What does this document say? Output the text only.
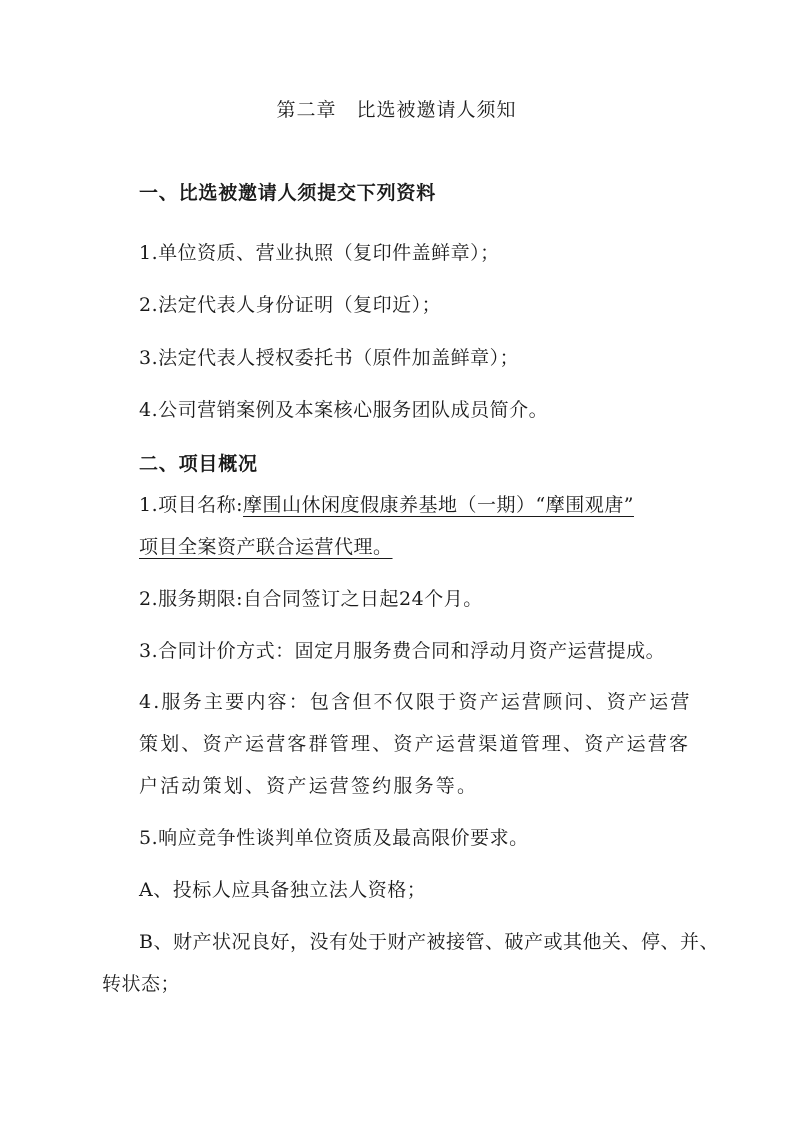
第二章　比选被邀请人须知
一、比选被邀请人须提交下列资料
1.单位资质、营业执照（复印件盖鲜章）；
2.法定代表人身份证明（复印近）；
3.法定代表人授权委托书（原件加盖鲜章）；
4.公司营销案例及本案核心服务团队成员简介。
二、项目概况
1.项目名称:摩围山休闲度假康养基地（一期）“摩围观唐”
项目全案资产联合运营代理。
2.服务期限:自合同签订之日起24个月。
3.合同计价方式：固定月服务费合同和浮动月资产运营提成。
4.服务主要内容：包含但不仅限于资产运营顾问、资产运营
策划、资产运营客群管理、资产运营渠道管理、资产运营客
户活动策划、资产运营签约服务等。
5.响应竞争性谈判单位资质及最高限价要求。
A、投标人应具备独立法人资格；
B、财产状况良好，没有处于财产被接管、破产或其他关、停、并、
转状态；
